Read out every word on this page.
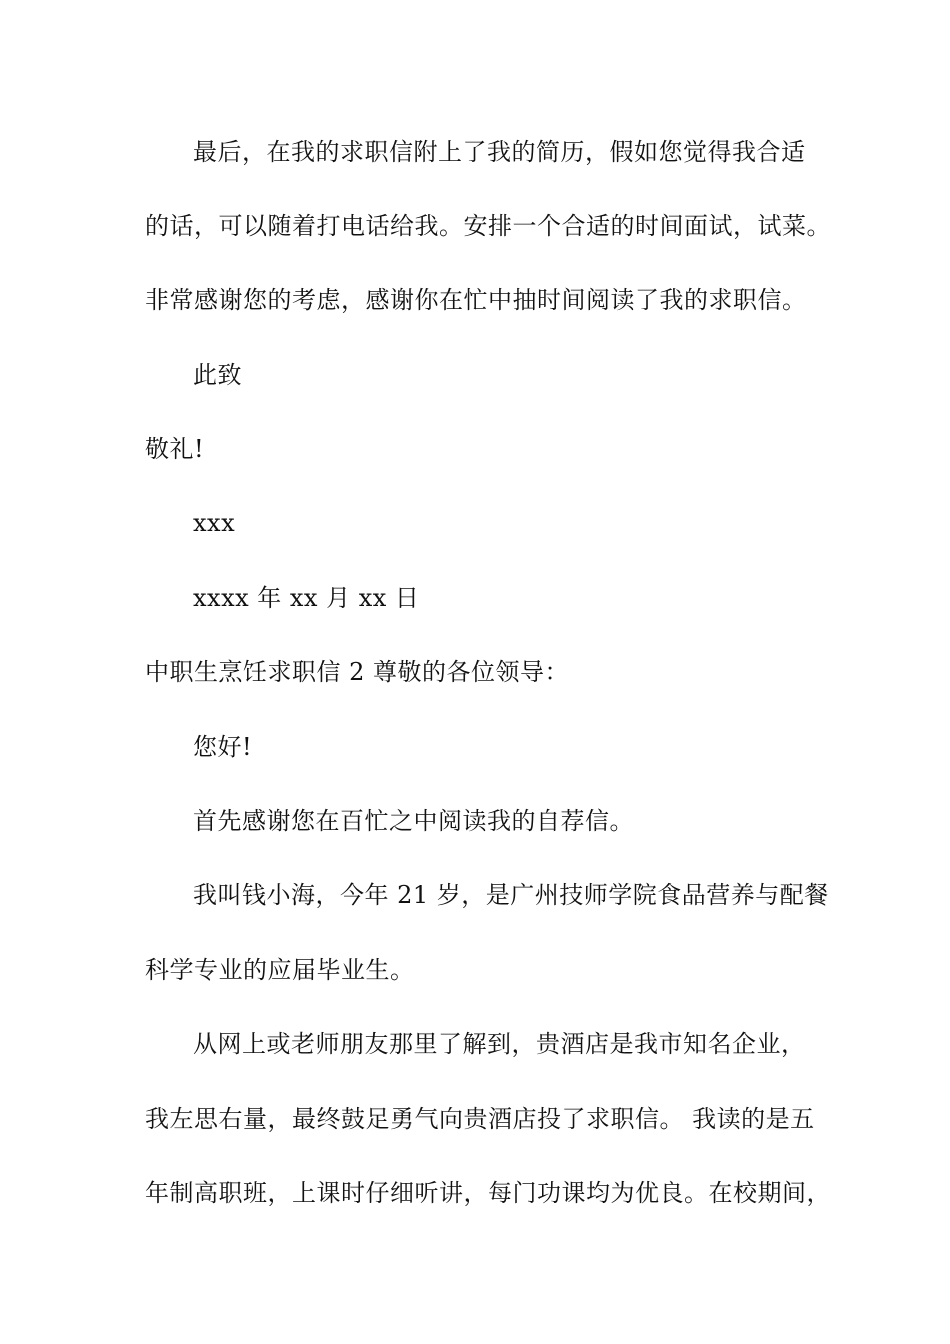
最后，在我的求职信附上了我的简历，假如您觉得我合适
的话，可以随着打电话给我。安排一个合适的时间面试，试菜。
非常感谢您的考虑，感谢你在忙中抽时间阅读了我的求职信。
此致
敬礼!
xxx
xxxx 年 xx 月 xx 日
中职生烹饪求职信 2 尊敬的各位领导：
您好!
首先感谢您在百忙之中阅读我的自荐信。
我叫钱小海，今年 21 岁，是广州技师学院食品营养与配餐
科学专业的应届毕业生。
从网上或老师朋友那里了解到，贵酒店是我市知名企业，
我左思右量，最终鼓足勇气向贵酒店投了求职信。 我读的是五
年制高职班，上课时仔细听讲，每门功课均为优良。在校期间，
